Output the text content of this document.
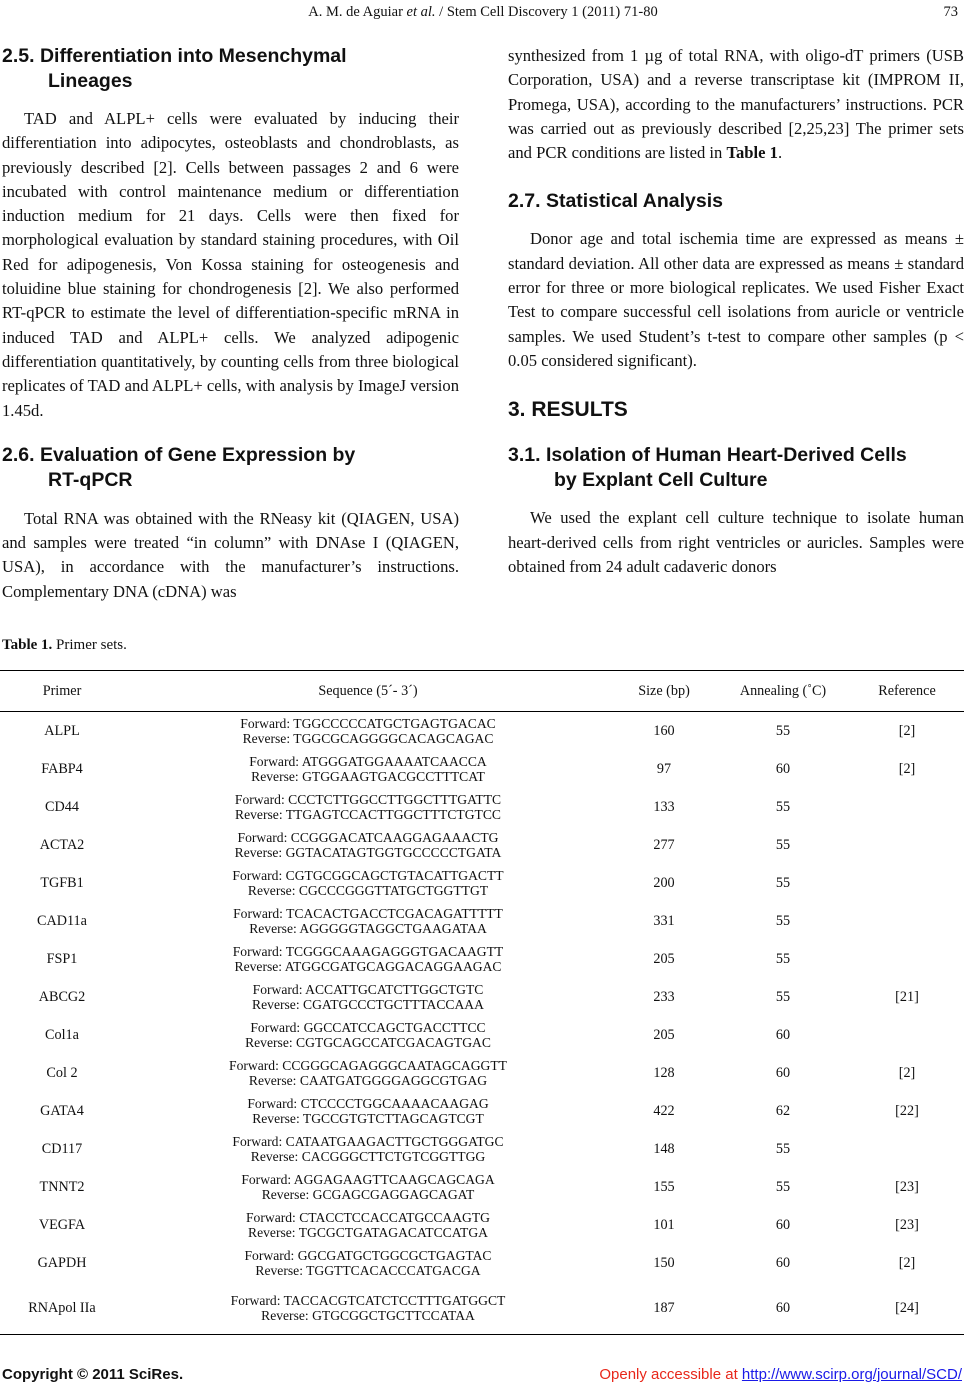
A. M. de Aguiar et al. / Stem Cell Discovery 1 (2011) 71-80	73
2.5. Differentiation into Mesenchymal
Lineages

TAD and ALPL+ cells were evaluated by inducing their differentiation into adipocytes, osteoblasts and chondroblasts, as previously described [2]. Cells between passages 2 and 6 were incubated with control maintenance medium or differentiation induction medium for 21 days. Cells were then fixed for morphological evaluation by standard staining procedures, with Oil Red for adipogenesis, Von Kossa staining for osteogenesis and toluidine blue staining for chondrogenesis [2]. We also performed RT-qPCR to estimate the level of differentiation-specific mRNA in induced TAD and ALPL+ cells. We analyzed adipogenic differentiation quantitatively, by counting cells from three biological replicates of TAD and ALPL+ cells, with analysis by ImageJ version 1.45d.

2.6. Evaluation of Gene Expression by
RT-qPCR

Total RNA was obtained with the RNeasy kit (QIAGEN, USA) and samples were treated “in column” with DNAse I (QIAGEN, USA), in accordance with the manufacturer’s instructions. Complementary DNA (cDNA) was

synthesized from 1 µg of total RNA, with oligo-dT primers (USB Corporation, USA) and a reverse transcriptase kit (IMPROM II, Promega, USA), according to the manufacturers’ instructions. PCR was carried out as previously described [2,25,23] The primer sets and PCR conditions are listed in Table 1.

2.7. Statistical Analysis

Donor age and total ischemia time are expressed as means ± standard deviation. All other data are expressed as means ± standard error for three or more biological replicates. We used Fisher Exact Test to compare successful cell isolations from auricle or ventricle samples. We used Student’s t-test to compare other samples (p < 0.05 considered significant).

3. RESULTS
3.1. Isolation of Human Heart-Derived Cells
by Explant Cell Culture

We used the explant cell culture technique to isolate human heart-derived cells from right ventricles or auricles. Samples were obtained from 24 adult cadaveric donors

Table 1. Primer sets.
Primer	Sequence (5´- 3´)	Size (bp)	Annealing (˚C)	Reference
ALPL	Forward: TGGCCCCCATGCTGAGTGACAC
Reverse: TGGCGCAGGGGCACAGCAGAC	160	55	[2]
FABP4	Forward: ATGGGATGGAAAATCAACCA
Reverse: GTGGAAGTGACGCCTTTCAT	97	60	[2]
CD44	Forward: CCCTCTTGGCCTTGGCTTTGATTC
Reverse: TTGAGTCCACTTGGCTTTCTGTCC	133	55	
ACTA2	Forward: CCGGGACATCAAGGAGAAACTG
Reverse: GGTACATAGTGGTGCCCCCTGATA	277	55	
TGFB1	Forward: CGTGCGGCAGCTGTACATTGACTT
Reverse: CGCCCGGGTTATGCTGGTTGT	200	55	
CAD11a	Forward: TCACACTGACCTCGACAGATTTTT
Reverse: AGGGGGTAGGCTGAAGATAA	331	55	
FSP1	Forward: TCGGGCAAAGAGGGTGACAAGTT
Reverse: ATGGCGATGCAGGACAGGAAGAC	205	55	
ABCG2	Forward: ACCATTGCATCTTGGCTGTC
Reverse: CGATGCCCTGCTTTACCAAA	233	55	[21]
Col1a	Forward: GGCCATCCAGCTGACCTTCC
Reverse: CGTGCAGCCATCGACAGTGAC	205	60	
Col 2	Forward: CCGGGCAGAGGGCAATAGCAGGTT
Reverse: CAATGATGGGGAGGCGTGAG	128	60	[2]
GATA4	Forward: CTCCCCTGGCAAAACAAGAG
Reverse: TGCCGTGTCTTAGCAGTCGT	422	62	[22]
CD117	Forward: CATAATGAAGACTTGCTGGGATGC
Reverse: CACGGGCTTCTGTCGGTTGG	148	55	
TNNT2	Forward: AGGAGAAGTTCAAGCAGCAGA
Reverse: GCGAGCGAGGAGCAGAT	155	55	[23]
VEGFA	Forward: CTACCTCCACCATGCCAAGTG
Reverse: TGCGCTGATAGACATCCATGA	101	60	[23]
GAPDH	Forward: GGCGATGCTGGCGCTGAGTAC
Reverse: TGGTTCACACCCATGACGA	150	60	[2]
RNApol IIa	Forward: TACCACGTCATCTCCTTTGATGGCT
Reverse: GTGCGGCTGCTTCCATAA	187	60	[24]
Copyright © 2011 SciRes.	Openly accessible at http://www.scirp.org/journal/SCD/
